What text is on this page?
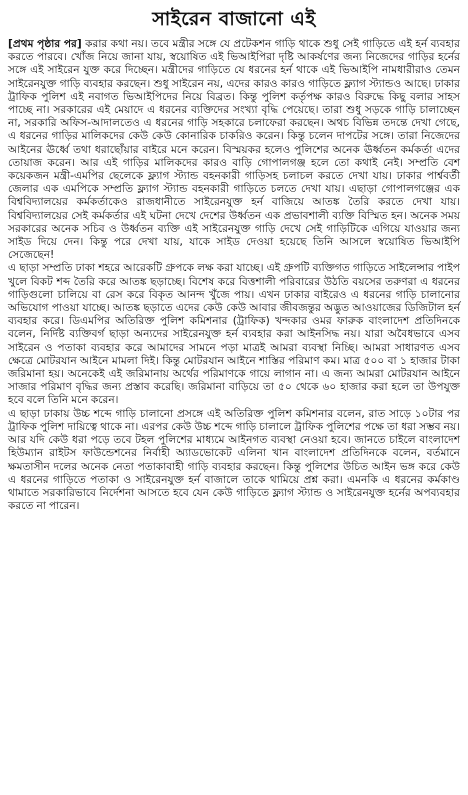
সাইরেন বাজানো এই

[প্রথম পৃষ্ঠার পর] করার কথা নয়। তবে মন্ত্রীর সঙ্গে যে প্রটেকশন গাড়ি থাকে শুধু সেই গাড়িতে এই হর্ন ব্যবহার করতে পারবে। খোঁজ নিয়ে জানা যায়, স্বয়োষিত এই ভিআইপিরা দৃষ্টি আকর্ষণের জন্য নিজেদের গাড়ির হর্নের সঙ্গে এই সাইরেন যুক্ত করে দিচ্ছেন। মন্ত্রীদের গাড়িতে যে ধরনের হর্ন থাকে এই ভিআইপি নামধারীরাও তেমন সাইরেনযুক্ত গাড়ি ব্যবহার করছেন। শুধু সাইরেন নয়, এদের কারও কারও গাড়িতে ফ্ল্যাগ স্ট্যান্ডও আছে। ঢাকার ট্রাফিক পুলিশ এই নবাগত ভিআইপিদের নিয়ে বিব্রত। কিন্তু পুলিশ কর্তৃপক্ষ কারও বিরুদ্ধে কিছু বলার সাহস পাচ্ছে না। সরকারের এই মেয়াদে এ ধরনের ব্যক্তিদের সংখ্যা বৃদ্ধি পেয়েছে। তারা শুধু সড়কে গাড়ি চালাচ্ছেন না, সরকারি অফিস-আদালতেও এ ধরনের গাড়ি সহকারে চলাফেরা করছেন। অথচ বিভিন্ন তদন্তে দেখা গেছে, এ ধরনের গাড়ির মালিকদের কেউ কেউ কোনারিক চাকরিও করেন। কিন্তু চলেন দাপটের সঙ্গে। তারা নিজেদের আইনের ঊর্ধ্বে তথা ধরাছোঁয়ার বাইরে মনে করেন। বিস্ময়কর হলেও পুলিশের অনেক ঊর্ধ্বতন কর্মকর্তা এদের তোয়াজ করেন। আর এই গাড়ির মালিকদের কারও বাড়ি গোপালগঞ্জ হলে তো কথাই নেই। সম্প্রতি বেশ কয়েকজন মন্ত্রী-এমপির ছেলেকে ফ্ল্যাগ স্ট্যান্ড বহনকারী গাড়িসহ চলাচল করতে দেখা যায়। ঢাকার পার্শ্ববর্তী জেলার এক এমপিকে সম্প্রতি ফ্ল্যাগ স্ট্যান্ড বহনকারী গাড়িতে চলতে দেখা যায়। এছাড়া গোপালগঞ্জের এক বিশ্ববিদ্যালয়ের কর্মকর্তাকেও রাজধানীতে সাইরেনযুক্ত হর্ন বাজিয়ে আতঙ্ক তৈরি করতে দেখা যায়। বিশ্ববিদ্যালয়ের সেই কর্মকর্তার এই ঘটনা দেখে দেশের উর্ধ্বতন এক প্রভাবশালী ব্যক্তি বিস্মিত হন। অনেক সময় সরকারের অনেক সচিব ও উর্ধ্বতন ব্যক্তি এই সাইরেনযুক্ত গাড়ি দেখে সেই গাড়িটিকে এগিয়ে যাওয়ার জন্য সাইড দিয়ে দেন। কিন্তু পরে দেখা যায়, যাকে সাইড দেওয়া হয়েছে তিনি আসলে স্বয়োষিত ভিআইপি সেজেছেন!

এ ছাড়া সম্প্রতি ঢাকা শহরে আরেকটি গ্রুপকে লক্ষ করা যাচ্ছে। এই গ্রুপটি ব্যক্তিগত গাড়িতে সাইলেন্সার পাইপ খুলে বিকট শব্দ তৈরি করে আতঙ্ক ছড়াচ্ছে। বিশেষ করে বিত্তশালী পরিবারের উঠতি বয়সের তরুণরা এ ধরনের গাড়িগুলো চালিয়ে বা রেস করে বিকৃত আনন্দ খুঁজে পায়। এখন ঢাকার বাইরেও এ ধরনের গাড়ি চালানোর অভিযোগ পাওয়া যাচ্ছে। আতঙ্ক ছড়াতে এদের কেউ কেউ আবার জীবজন্তুর অদ্ভুত আওয়াজের ডিজিটাল হর্ন ব্যবহার করে। ডিএমপির অতিরিক্ত পুলিশ কমিশনার (ট্রাফিক) খন্দকার ওমর ফারুক বাংলাদেশ প্রতিদিনকে বলেন, নির্দিষ্ট ব্যক্তিবর্গ ছাড়া অন্যদের সাইরেনযুক্ত হর্ন ব্যবহার করা আইনসিদ্ধ নয়। যারা অবৈধভাবে এসব সাইরেন ও পতাকা ব্যবহার করে আমাদের সামনে পড়া মাত্রই আমরা ব্যবস্থা নিচ্ছি। আমরা সাধারণত এসব ক্ষেত্রে মোটরযান আইনে মামলা দিই। কিন্তু মোটরযান আইনে শাস্তির পরিমাণ কম। মাত্র ৫০০ বা ১ হাজার টাকা জরিমানা হয়। অনেকেই এই জরিমানায় অর্থের পরিমাণকে গায়ে লাগান না। এ জন্য আমরা মোটরযান আইনে সাজার পরিমাণ বৃদ্ধির জন্য প্রস্তাব করেছি। জরিমানা বাড়িয়ে তা ৫০ থেকে ৬০ হাজার করা হলে তা উপযুক্ত হবে বলে তিনি মনে করেন।

এ ছাড়া ঢাকায় উচ্চ শব্দে গাড়ি চালানো প্রসঙ্গে এই অতিরিক্ত পুলিশ কমিশনার বলেন, রাত সাড়ে ১০টার পর ট্রাফিক পুলিশ দায়িত্বে থাকে না। এরপর কেউ উচ্চ শব্দে গাড়ি চালালে ট্রাফিক পুলিশের পক্ষে তা ধরা সম্ভব নয়। আর যদি কেউ ধরা পড়ে তবে টহল পুলিশের মাধ্যমে আইনগত ব্যবস্থা নেওয়া হবে। জানতে চাইলে বাংলাদেশ হিউম্যান রাইটস ফাউন্ডেশনের নির্বাহী অ্যাডভোকেট এলিনা খান বাংলাদেশ প্রতিদিনকে বলেন, বর্তমানে ক্ষমতাসীন দলের অনেক নেতা পতাকাবাহী গাড়ি ব্যবহার করছেন। কিন্তু পুলিশের উচিত আইন ভঙ্গ করে কেউ এ ধরনের গাড়িতে পতাকা ও সাইরেনযুক্ত হর্ন বাজালে তাকে থামিয়ে প্রশ্ন করা। এমনকি এ ধরনের কর্মকাণ্ড থামাতে সরকারিভাবে নির্দেশনা আসতে হবে যেন কেউ গাড়িতে ফ্ল্যাগ স্ট্যান্ড ও সাইরেনযুক্ত হর্নের অপব্যবহার করতে না পারেন।
